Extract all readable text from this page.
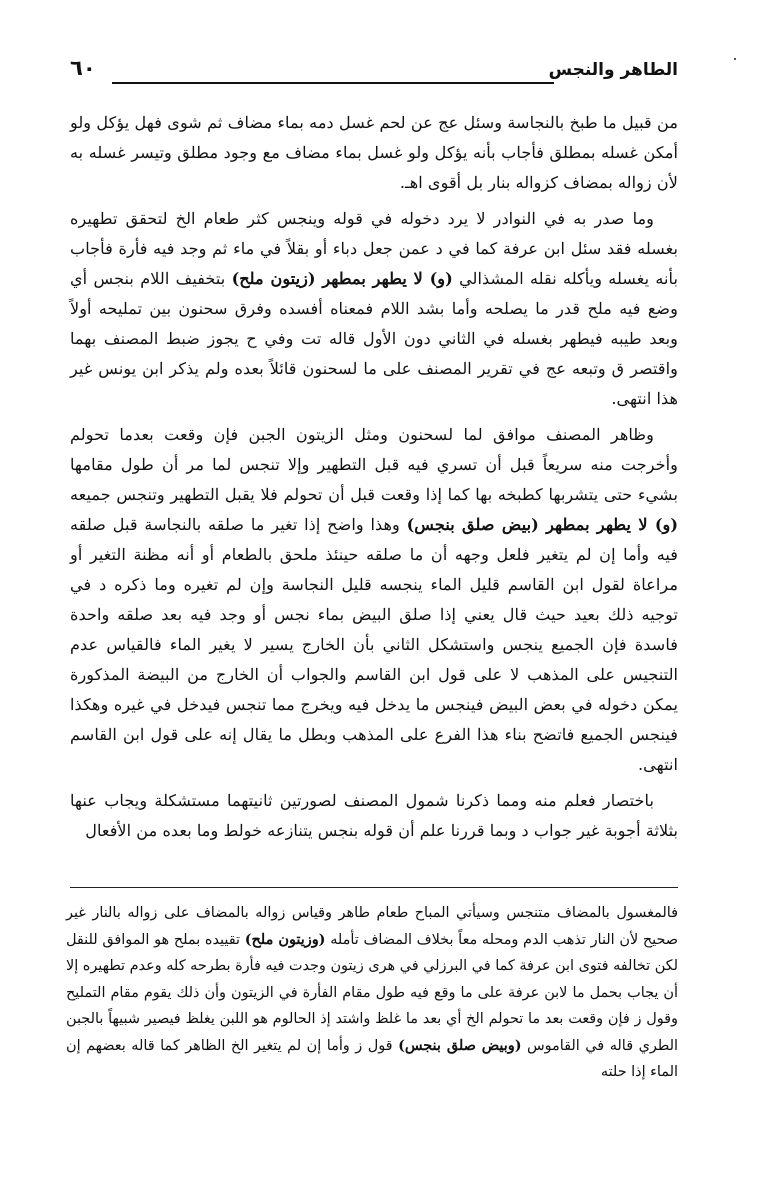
الطاهر والنجس
٦٠

من قبيل ما طبخ بالنجاسة وسئل عج عن لحم غسل دمه بماء مضاف ثم شوى فهل يؤكل ولو أمكن غسله بمطلق فأجاب بأنه يؤكل ولو غسل بماء مضاف مع وجود مطلق وتيسر غسله به لأن زواله بمضاف كزواله بنار بل أقوى اهـ.

وما صدر به في النوادر لا يرد دخوله في قوله وينجس كثر طعام الخ لتحقق تطهيره بغسله فقد سئل ابن عرفة كما في د عمن جعل دباء أو بقلاً في ماء ثم وجد فيه فأرة فأجاب بأنه يغسله ويأكله نقله المشذالي (و) لا يطهر بمطهر (زيتون ملح) بتخفيف اللام بنجس أي وضع فيه ملح قدر ما يصلحه وأما بشد اللام فمعناه أفسده وفرق سحنون بين تمليحه أولاً وبعد طيبه فيطهر بغسله في الثاني دون الأول قاله تت وفي ح يجوز ضبط المصنف بهما واقتصر ق وتبعه عج في تقرير المصنف على ما لسحنون قائلاً بعده ولم يذكر ابن يونس غير هذا انتهى.

وظاهر المصنف موافق لما لسحنون ومثل الزيتون الجبن فإن وقعت بعدما تحولم وأخرجت منه سريعاً قبل أن تسري فيه قبل التطهير وإلا تنجس لما مر أن طول مقامها بشيء حتى يتشربها كطبخه بها كما إذا وقعت قبل أن تحولم فلا يقبل التطهير وتنجس جميعه (و) لا يطهر بمطهر (بيض صلق بنجس) وهذا واضح إذا تغير ما صلقه بالنجاسة قبل صلقه فيه وأما إن لم يتغير فلعل وجهه أن ما صلقه حينئذ ملحق بالطعام أو أنه مظنة التغير أو مراعاة لقول ابن القاسم قليل الماء ينجسه قليل النجاسة وإن لم تغيره وما ذكره د في توجيه ذلك بعيد حيث قال يعني إذا صلق البيض بماء نجس أو وجد فيه بعد صلقه واحدة فاسدة فإن الجميع ينجس واستشكل الثاني بأن الخارج يسير لا يغير الماء فالقياس عدم التنجيس على المذهب لا على قول ابن القاسم والجواب أن الخارج من البيضة المذكورة يمكن دخوله في بعض البيض فينجس ما يدخل فيه ويخرج مما تنجس فيدخل في غيره وهكذا فينجس الجميع فاتضح بناء هذا الفرع على المذهب وبطل ما يقال إنه على قول ابن القاسم انتهى.

باختصار فعلم منه ومما ذكرنا شمول المصنف لصورتين ثانيتهما مستشكلة ويجاب عنها بثلاثة أجوبة غير جواب د وبما قررنا علم أن قوله بنجس يتنازعه خولط وما بعده من الأفعال

فالمغسول بالمضاف متنجس وسيأتي المباح طعام طاهر وقياس زواله بالمضاف على زواله بالنار غير صحيح لأن النار تذهب الدم ومحله معاً بخلاف المضاف تأمله (وزيتون ملح) تقييده بملح هو الموافق للنقل لكن تخالفه فتوى ابن عرفة كما في البرزلي في هرى زيتون وجدت فيه فأرة بطرحه كله وعدم تطهيره إلا أن يجاب بحمل ما لابن عرفة على ما وقع فيه طول مقام الفأرة في الزيتون وأن ذلك يقوم مقام التمليح وقول ز فإن وقعت بعد ما تحولم الخ أي بعد ما غلظ واشتد إذ الحالوم هو اللبن يغلظ فيصير شبيهاً بالجبن الطري قاله في القاموس (وبيض صلق بنجس) قول ز وأما إن لم يتغير الخ الظاهر كما قاله بعضهم إن الماء إذا حلته
